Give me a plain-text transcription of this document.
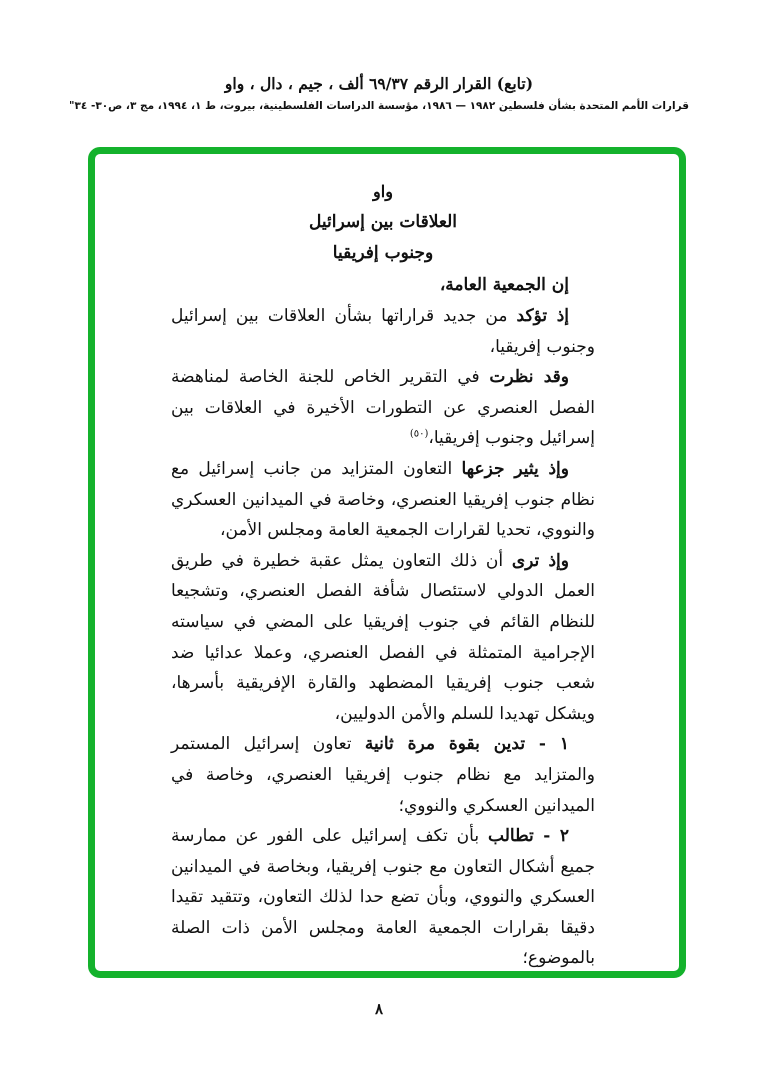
(تابع) القرار الرقم ٦٩/٣٧ ألف ، جيم ، دال ، واو
قرارات الأمم المتحدة بشأن فلسطين ١٩٨٢ — ١٩٨٦، مؤسسة الدراسات الفلسطينية، بيروت، ط ١، ١٩٩٤، مج ٣، ص٣٠- ٣٤"
واو
العلاقات بين إسرائيل
وجنوب إفريقيا
إن الجمعية العامة،

إذ تؤكد من جديد قراراتها بشأن العلاقات بين إسرائيل وجنوب إفريقيا،

وقد نظرت في التقرير الخاص للجنة الخاصة لمناهضة الفصل العنصري عن التطورات الأخيرة في العلاقات بين إسرائيل وجنوب إفريقيا،$^{(٥٠)}$

وإذ يثير جزعها التعاون المتزايد من جانب إسرائيل مع نظام جنوب إفريقيا العنصري، وخاصة في الميدانين العسكري والنووي، تحديا لقرارات الجمعية العامة ومجلس الأمن،

وإذ ترى أن ذلك التعاون يمثل عقبة خطيرة في طريق العمل الدولي لاستئصال شأفة الفصل العنصري، وتشجيعا للنظام القائم في جنوب إفريقيا على المضي في سياسته الإجرامية المتمثلة في الفصل العنصري، وعملا عدائيا ضد شعب جنوب إفريقيا المضطهد والقارة الإفريقية بأسرها، ويشكل تهديدا للسلم والأمن الدوليين،

١ - تدين بقوة مرة ثانية تعاون إسرائيل المستمر والمتزايد مع نظام جنوب إفريقيا العنصري، وخاصة في الميدانين العسكري والنووي؛

٢ - تطالب بأن تكف إسرائيل على الفور عن ممارسة جميع أشكال التعاون مع جنوب إفريقيا، وبخاصة في الميدانين العسكري والنووي، وبأن تضع حدا لذلك التعاون، وتتقيد تقيدا دقيقا بقرارات الجمعية العامة ومجلس الأمن ذات الصلة بالموضوع؛

٨
